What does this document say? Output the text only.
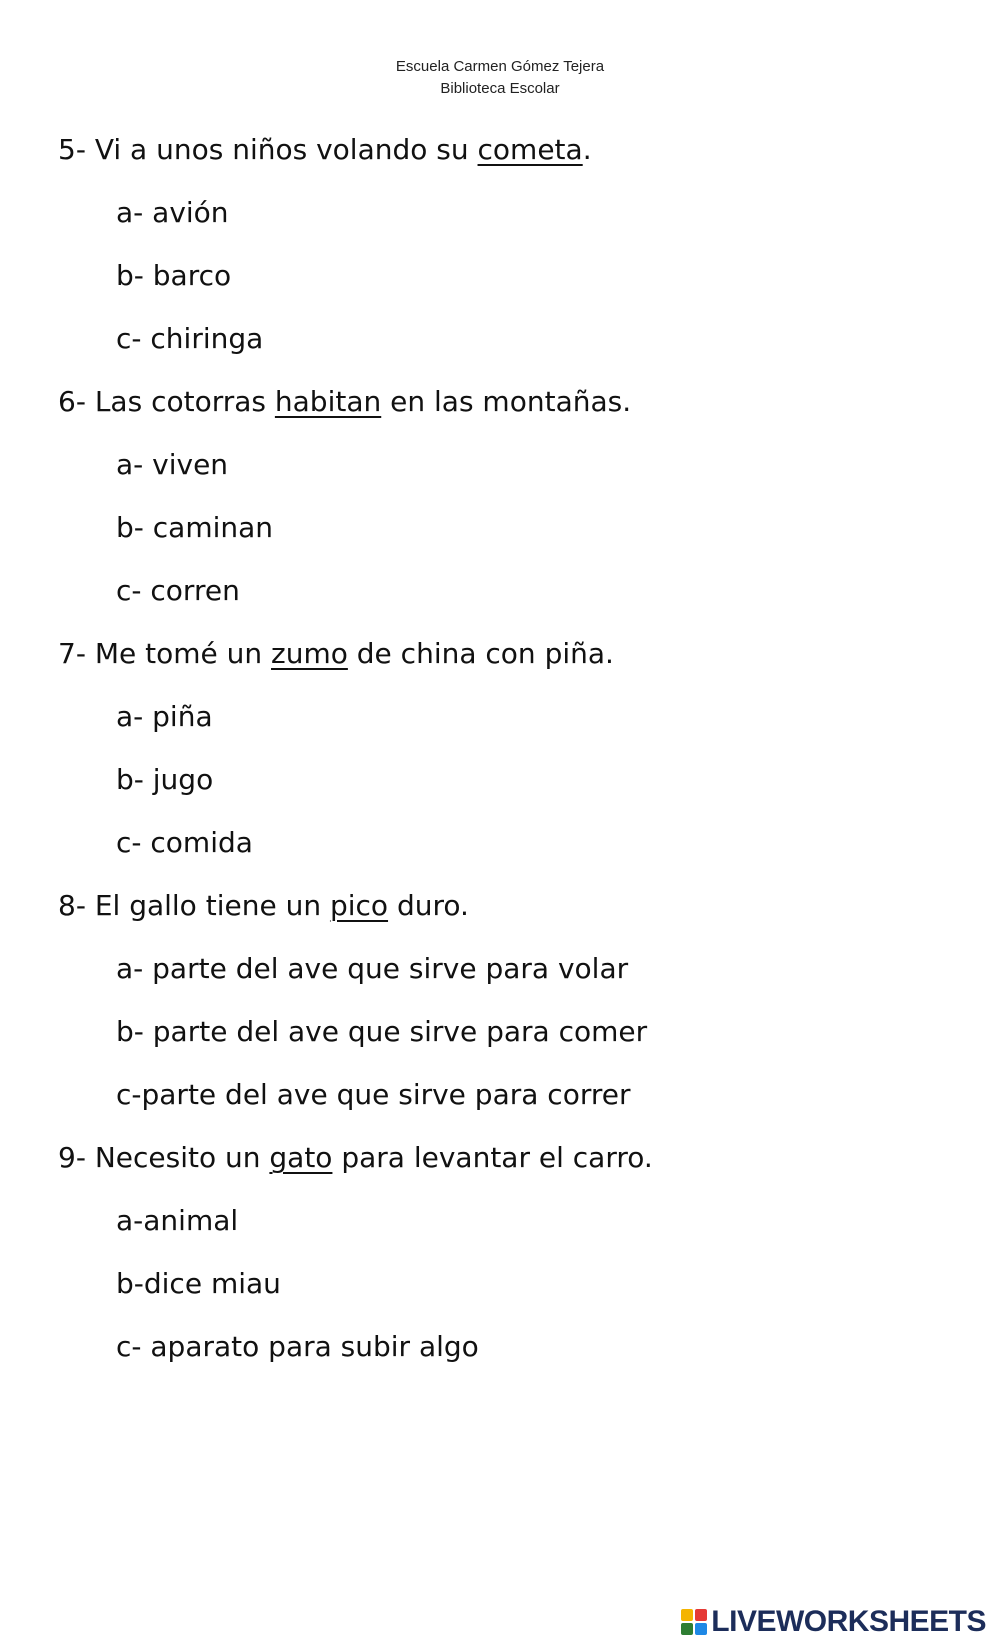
Escuela Carmen Gómez Tejera
Biblioteca Escolar
5- Vi a unos niños volando su cometa.
a- avión
b- barco
c- chiringa
6- Las cotorras habitan en las montañas.
a- viven
b- caminan
c- corren
7- Me tomé un zumo de china con piña.
a- piña
b- jugo
c- comida
8- El gallo tiene un pico duro.
a- parte del ave que sirve para volar
b- parte del ave que sirve para comer
c-parte del ave que sirve para correr
9- Necesito un gato para levantar el carro.
a-animal
b-dice miau
c- aparato para subir algo
LIVEWORKSHEETS
